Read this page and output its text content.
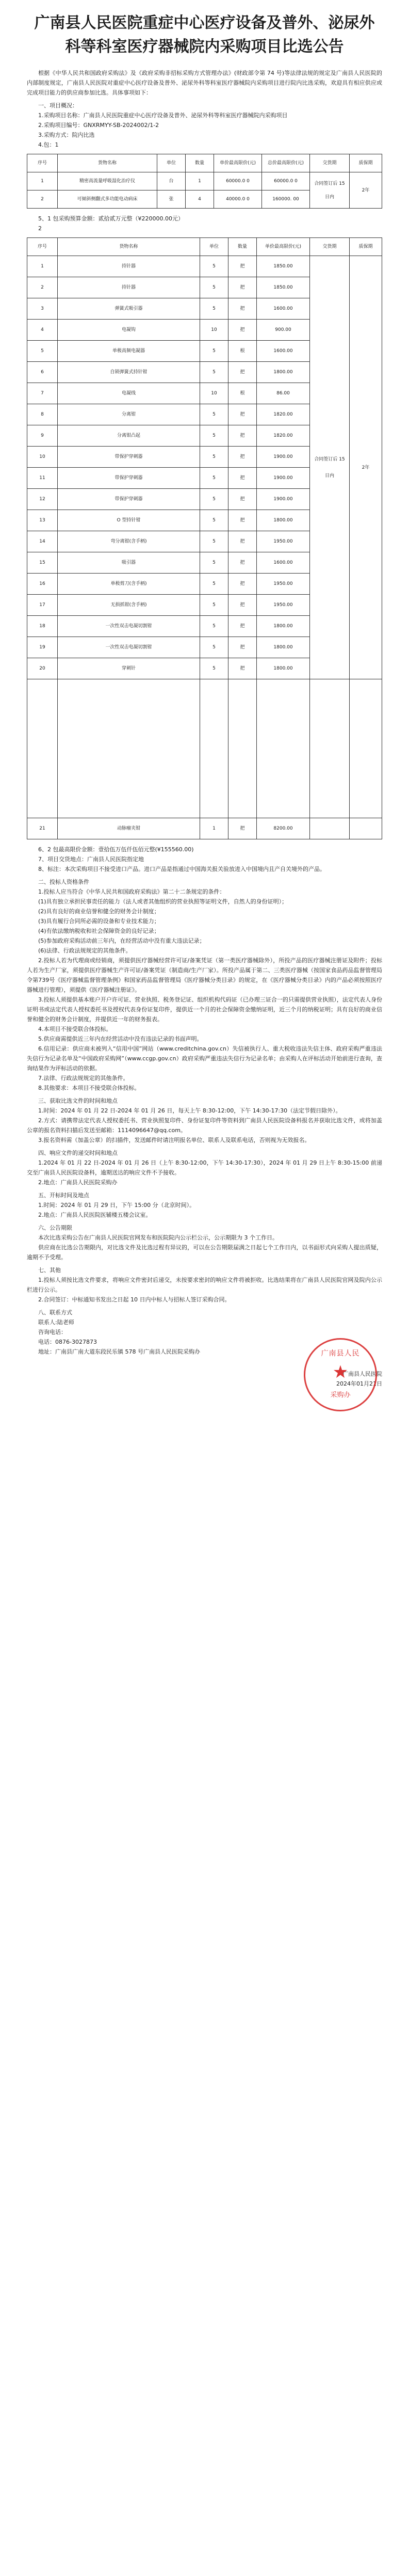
广南县人民医院重症中心医疗设备及普外、泌尿外科等科室医疗器械院内采购项目比选公告

根据《中华人民共和国政府采购法》及《政府采购非招标采购方式管理办法》(财政部令第 74 号)等法律法规的规定及广南县人民医院的内部制度规定，广南县人民医院对重症中心医疗设备及普外、泌尿外科等科室医疗器械院内采购项目进行院内比选采购，欢迎具有相应供应或完成项目能力的供应商参加比选。具体事项如下：

一、项目概况：

1.采购项目名称：广南县人民医院重症中心医疗设备及普外、泌尿外科等科室医疗器械院内采购项目

2.采购项目编号：GNXRMYY-SB-2024002/1-2

3.采购方式：院内比选

4.包：1

序号	货物名称	单位	数量	单价最高限价(元)	总价最高限价(元)	交货期	质保期
1	精密高流量呼吸湿化治疗仪	台	1	60000.0 0	60000.0 0	合同签订后 15 日内	2年
2	可倾斜侧翻式多功能电动病床	张	4	40000.0 0	160000. 00		

5、1 包采购预算金额：贰拾贰万元整（¥220000.00元）

2

序号	货物名称	单位	数量	单价最高限价(元)	交货期	质保期
1	持针器	5	把	1850.00	合同签订后 15 日内	2年
2	持针器	5	把	1850.00		
3	弹簧式吸引器	5	把	1600.00		
4	电凝钩	10	把	900.00		
5	单极高频电凝器	5	根	1600.00		
6	自锁弹簧式持针钳	5	把	1800.00		
7	电凝线	10	根	86.00		
8	分离钳	5	把	1820.00		
9	分离钳凸起	5	把	1820.00		
10	带保护穿刺器	5	把	1900.00		
11	带保护穿刺器	5	把	1900.00		
12	带保护穿刺器	5	把	1900.00		
13	O 型持针钳	5	把	1800.00		
14	弯分离钳(含手柄)	5	把	1950.00		
15	吸引器	5	把	1600.00		
16	单极剪刀(含手柄)	5	把	1950.00		
17	无损抓钳(含手柄)	5	把	1950.00		
18	一次性双击电凝切割钳	5	把	1800.00		
19	一次性双击电凝切割钳	5	把	1800.00		
20	穿刺针	5	把	1800.00		

21	动脉瘤夹钳	1	把	8200.00		

6、2 包最高限价金额：壹拾伍万伍仟伍佰元整(¥155560.00)

7、项目交货地点：广南县人民医院指定地

8、标注：本次采购项目不接受进口产品。进口产品是指通过中国海关报关验放进入中国境内且产自关境外的产品。

二、投标人资格条件

1.投标人应当符合《中华人民共和国政府采购法》第二十二条规定的条件：

(1)具有独立承担民事责任的能力（法人或者其他组织的营业执照等证明文件，自然人的身份证明）；

(2)具有良好的商业信誉和健全的财务会计制度；

(3)具有履行合同所必需的设备和专业技术能力；

(4)有依法缴纳税收和社会保障资金的良好记录；

(5)参加政府采购活动前三年内，在经营活动中没有重大违法记录；

(6)法律、行政法规规定的其他条件。

2.投标人若为代理商或经销商，须提供医疗器械经营许可证/备案凭证（第一类医疗器械除外），所投产品的医疗器械注册证及附件；投标人若为生产厂家，须提供医疗器械生产许可证/备案凭证（制造商/生产厂家）。所投产品属于第二、三类医疗器械（按国家食品药品监督管理局令第739号《医疗器械监督管理条例》和国家药品监督管理局《医疗器械分类目录》的规定，在《医疗器械分类目录》内的产品必须按照医疗器械进行管理），须提供《医疗器械注册证》。

3.投标人须提供基本账户开户许可证、营业执照、税务登记证、组织机构代码证（已办理三证合一的只需提供营业执照），法定代表人身份证明书或法定代表人授权委托书及授权代表身份证复印件，提供近一个月的社会保障资金缴纳证明，近三个月的纳税证明；具有良好的商业信誉和健全的财务会计制度，并提供近一年的财务报表。

4.本项目不接受联合体投标。

5.供应商需提供近三年内在经营活动中没有违法记录的书面声明。

6.信用记录：供应商未被列入“信用中国”网站（www.creditchina.gov.cn）失信被执行人、重大税收违法失信主体、政府采购严重违法失信行为记录名单及“中国政府采购网”（www.ccgp.gov.cn）政府采购严重违法失信行为记录名单；由采购人在评标活动开始前进行查询，查询结果作为评标活动的依据。

7.法律、行政法规规定的其他条件。

8.其他要求：本项目不接受联合体投标。

三、获取比选文件的时间和地点

1.时间：2024 年 01 月 22 日-2024 年 01 月 26 日，每天上午 8:30-12:00，下午 14:30-17:30（法定节假日除外）。

2.方式：请携带法定代表人授权委托书、营业执照复印件、身份证复印件等资料到广南县人民医院设备科报名并获取比选文件，或将加盖公章的报名资料扫描后发送至邮箱：1114096647@qq.com。

3.报名资料需（加盖公章）的扫描件，发送邮件时请注明报名单位、联系人及联系电话，否则视为无效报名。

四、响应文件的递交时间和地点

1.2024 年 01 月 22 日-2024 年 01 月 26 日（上午 8:30-12:00，下午 14:30-17:30），2024 年 01 月 29 日上午 8:30-15:00 前递交至广南县人民医院设备科，逾期送达的响应文件不予接收。

2.地点：广南县人民医院采购办

五、开标时间及地点

1.时间：2024 年 01 月 29 日，下午 15:00 分（北京时间）。

2.地点：广南县人民医院医辅楼五楼会议室。

六、公告期限

本次比选采购公告在广南县人民医院官网发布和医院院内公示栏公示，公示期限为 3 个工作日。

供应商在比选公告期限内，对比选文件及比选过程有异议的，可以在公告期限届满之日起七个工作日内，以书面形式向采购人提出质疑，逾期不予受理。

七、其他

1.投标人须按比选文件要求，将响应文件密封后递交，未按要求密封的响应文件将被拒收。比选结果将在广南县人民医院官网及院内公示栏进行公示。

2.合同签订：中标通知书发出之日起 10 日内中标人与招标人签订采购合同。

八、联系方式

联系人:陆老师

咨询电话：

电话：0876-3027873

地址：广南县广南大道东段民乐镇 578 号广南县人民医院采购办

广南县人民医院

2024年01月21日

广南县人民
★
采购办
